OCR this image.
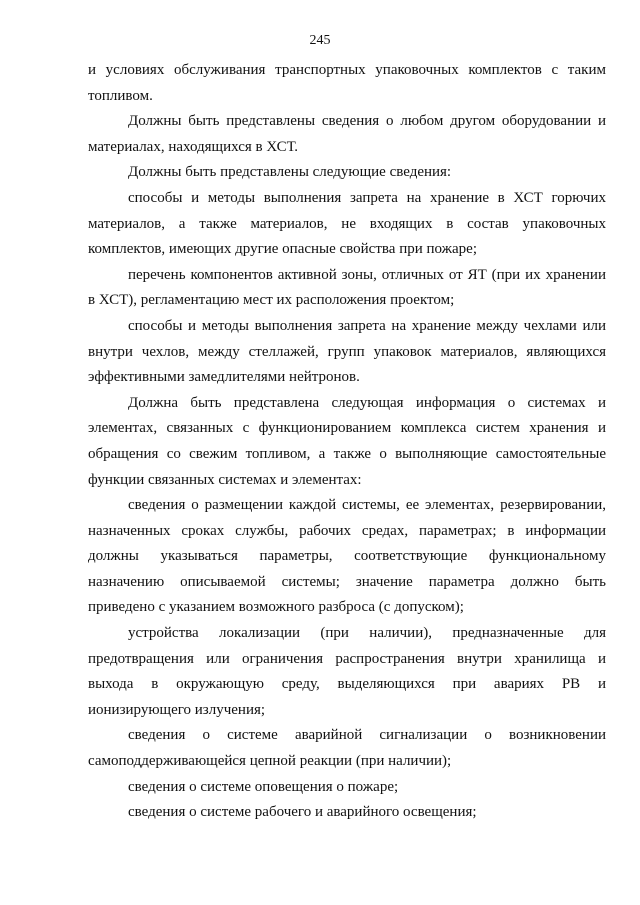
245
и условиях обслуживания транспортных упаковочных комплектов с таким
топливом.
Должны быть представлены сведения о любом другом оборудовании и
материалах, находящихся в ХСТ.
Должны быть представлены следующие сведения:
способы и методы выполнения запрета на хранение в ХСТ горючих
материалов, а также материалов, не входящих в состав упаковочных
комплектов, имеющих другие опасные свойства при пожаре;
перечень компонентов активной зоны, отличных от ЯТ (при их хранении
в ХСТ), регламентацию мест их расположения проектом;
способы и методы выполнения запрета на хранение между чехлами или
внутри чехлов, между стеллажей, групп упаковок материалов, являющихся
эффективными замедлителями нейтронов.
Должна быть представлена следующая информация о системах и
элементах, связанных с функционированием комплекса систем хранения и
обращения со свежим топливом, а также о выполняющие самостоятельные
функции связанных системах и элементах:
сведения о размещении каждой системы, ее элементах, резервировании,
назначенных сроках службы, рабочих средах, параметрах; в информации
должны указываться параметры, соответствующие функциональному
назначению описываемой системы; значение параметра должно быть
приведено с указанием возможного разброса (с допуском);
устройства локализации (при наличии), предназначенные для
предотвращения или ограничения распространения внутри хранилища и
выхода в окружающую среду, выделяющихся при авариях РВ и
ионизирующего излучения;
сведения о системе аварийной сигнализации о возникновении
самоподдерживающейся цепной реакции (при наличии);
сведения о системе оповещения о пожаре;
сведения о системе рабочего и аварийного освещения;
